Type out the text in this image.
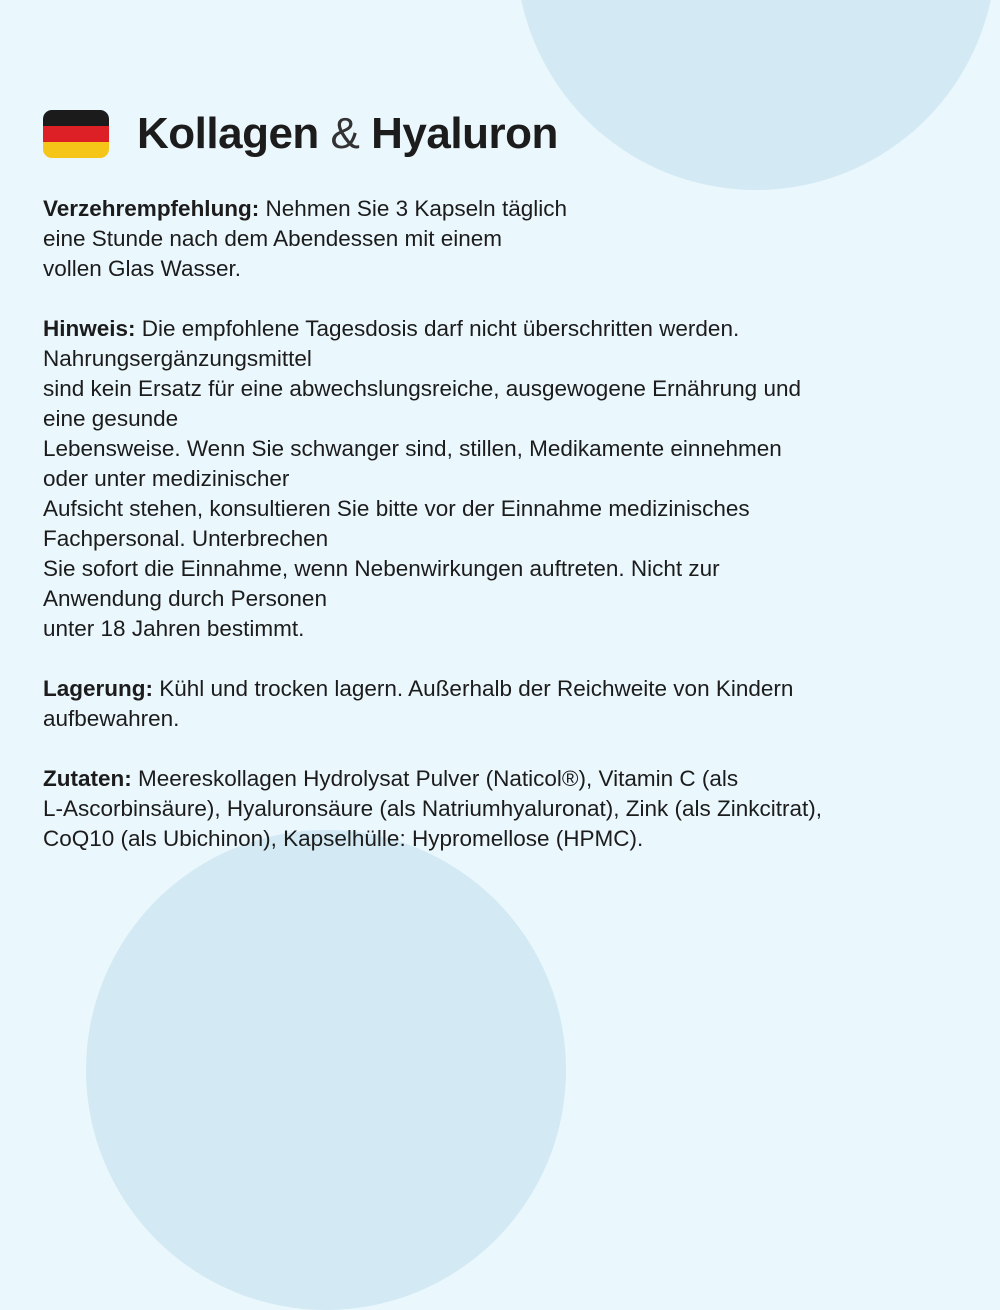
Kollagen & Hyaluron

Verzehrempfehlung: Nehmen Sie 3 Kapseln täglich
eine Stunde nach dem Abendessen mit einem
vollen Glas Wasser.

Hinweis: Die empfohlene Tagesdosis darf nicht überschritten werden.
Nahrungsergänzungsmittel
sind kein Ersatz für eine abwechslungsreiche, ausgewogene Ernährung und
eine gesunde
Lebensweise. Wenn Sie schwanger sind, stillen, Medikamente einnehmen
oder unter medizinischer
Aufsicht stehen, konsultieren Sie bitte vor der Einnahme medizinisches
Fachpersonal. Unterbrechen
Sie sofort die Einnahme, wenn Nebenwirkungen auftreten. Nicht zur
Anwendung durch Personen
unter 18 Jahren bestimmt.

Lagerung: Kühl und trocken lagern. Außerhalb der Reichweite von Kindern
aufbewahren.

Zutaten: Meereskollagen Hydrolysat Pulver (Naticol®), Vitamin C (als
L-Ascorbinsäure), Hyaluronsäure (als Natriumhyaluronat), Zink (als Zinkcitrat),
CoQ10 (als Ubichinon), Kapselhülle: Hypromellose (HPMC).
